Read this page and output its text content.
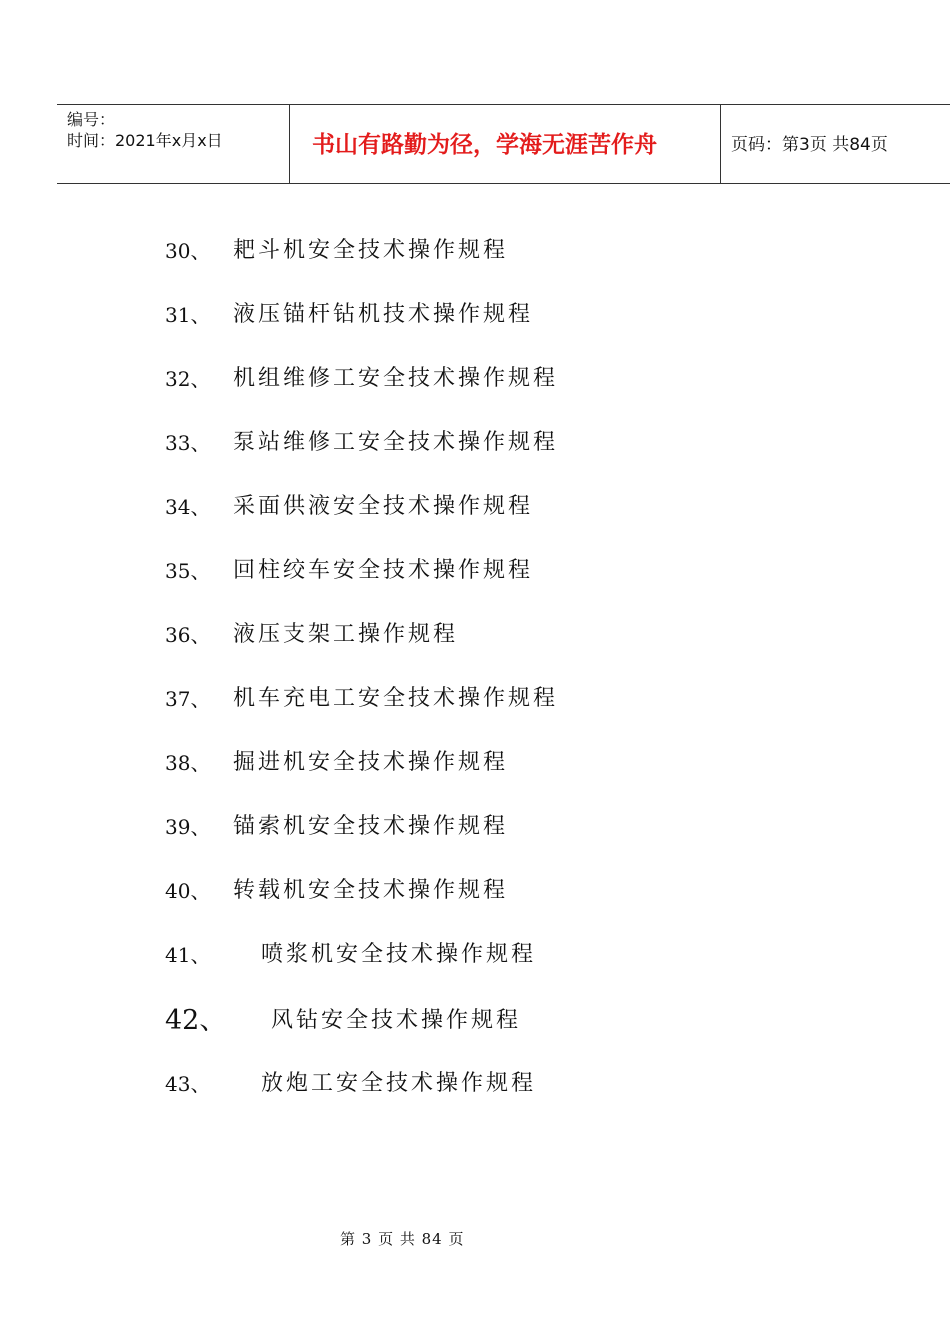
编号：
时间：2021年x月x日	书山有路勤为径，学海无涯苦作舟	页码：第3页 共84页
30、 耙斗机安全技术操作规程
31、 液压锚杆钻机技术操作规程
32、 机组维修工安全技术操作规程
33、 泵站维修工安全技术操作规程
34、 采面供液安全技术操作规程
35、 回柱绞车安全技术操作规程
36、 液压支架工操作规程
37、 机车充电工安全技术操作规程
38、 掘进机安全技术操作规程
39、 锚索机安全技术操作规程
40、 转载机安全技术操作规程
41、 喷浆机安全技术操作规程
42、 风钻安全技术操作规程
43、 放炮工安全技术操作规程
第 3 页 共 84 页
